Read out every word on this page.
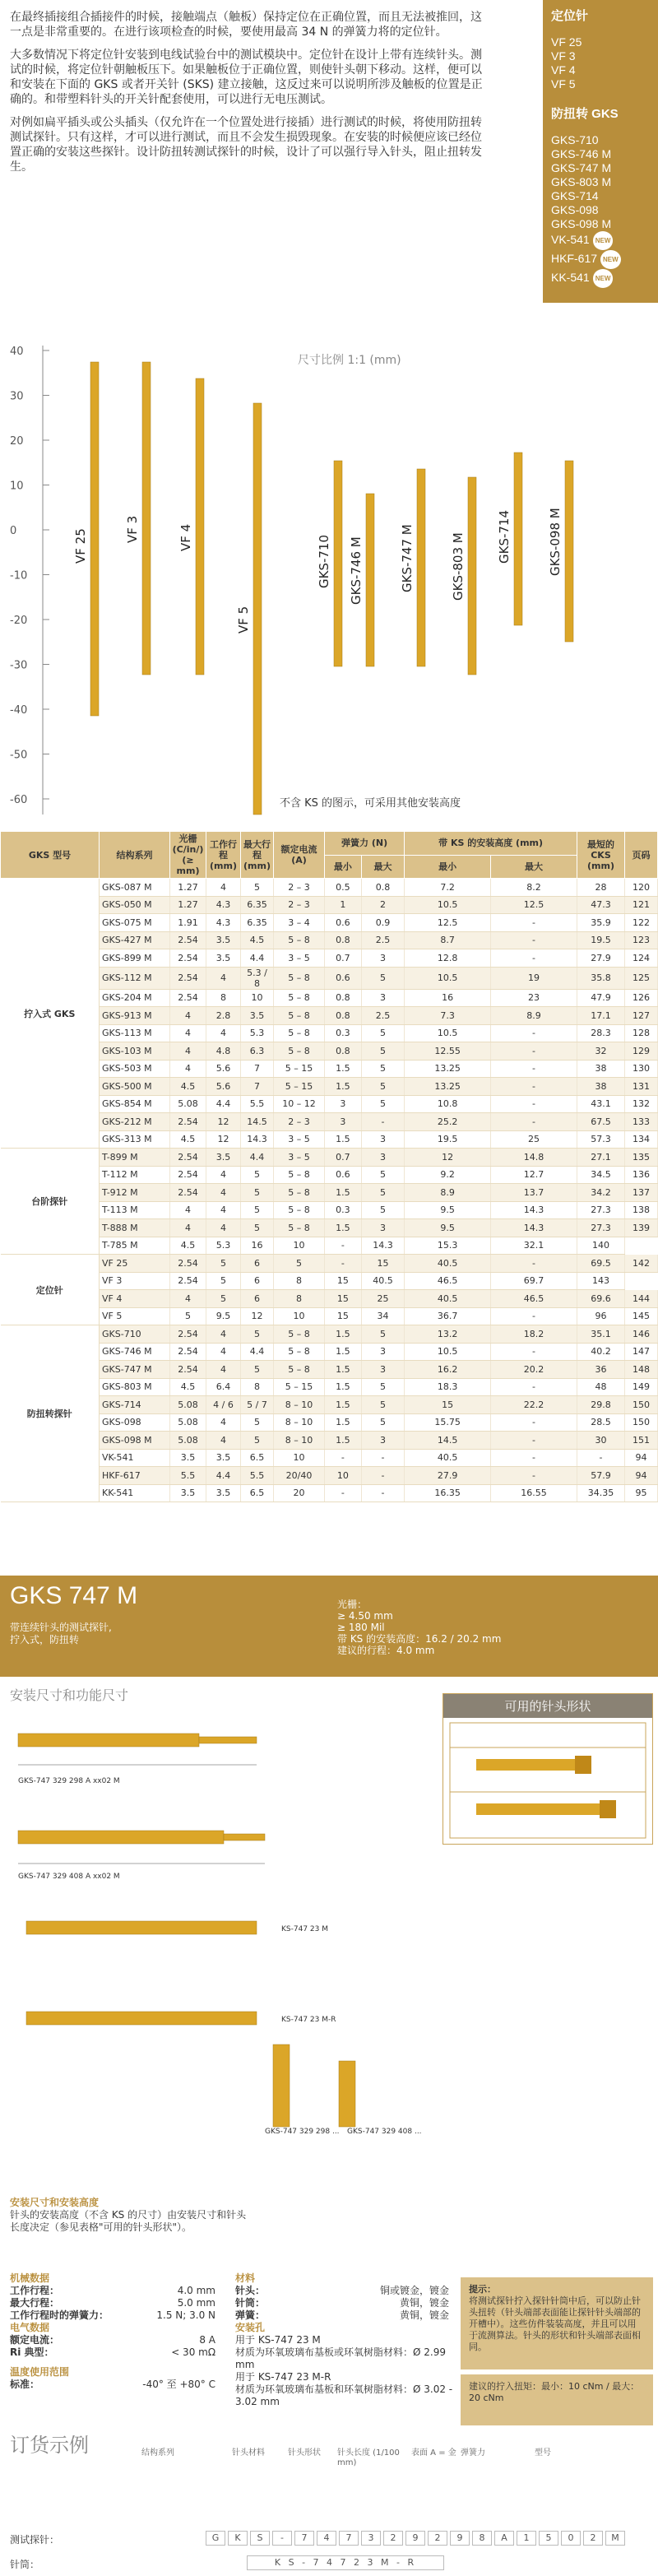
在最终插接组合插接件的时候，接触端点（触板）保持定位在正确位置，而且无法被推回，这一点是非常重要的。在进行该项检查的时候，要使用最高 34 N 的弹簧力将的定位针。

大多数情况下将定位针安装到电线试验台中的测试模块中。定位针在设计上带有连续针头。测试的时候，将定位针朝触板压下。如果触板位于正确位置，则使针头朝下移动。这样，便可以和安装在下面的 GKS 或者开关针 (SKS) 建立接触，这反过来可以说明所涉及触板的位置是正确的。和带塑料针头的开关针配套使用，可以进行无电压测试。

对例如扁平插头或公头插头（仅允许在一个位置处进行接插）进行测试的时候，将使用防扭转测试探针。只有这样，才可以进行测试，而且不会发生损毁现象。在安装的时候便应该已经位置正确的安装这些探针。设计防扭转测试探针的时候，设计了可以强行导入针头，阻止扭转发生。

定位针
VF 25
VF 3
VF 4
VF 5
防扭转 GKS
GKS-710
GKS-746 M
GKS-747 M
GKS-803 M
GKS-714
GKS-098
GKS-098 M
VK-541 NEW
HKF-617 NEW
KK-541 NEW
40
30
20
10
0
-10
-20
-30
-40
-50
-60
尺寸比例 1:1 (mm)
不含 KS 的图示，可采用其他安装高度
VF 25	VF 3	VF 4
VF 5
GKS-710 GKS-746 M	GKS-747 M	GKS-803 M	GKS-714	GKS-098 M
GKS 型号	结构系列	光栅 (C/in/) (≥ mm)	工作行程 (mm)	最大行程 (mm)	额定电流 (A)	弹簧力 (N)		带 KS 的安装高度 (mm)		最短的 CKS (mm)	页码
						最小	最大	最小	最大		
拧入式 GKS	GKS-087 M	1.27	4	5	2 – 3	0.5	0.8	7.2	8.2	28	120
	GKS-050 M	1.27	4.3	6.35	2 – 3	1	2	10.5	12.5	47.3	121
	GKS-075 M	1.91	4.3	6.35	3 – 4	0.6	0.9	12.5	-	35.9	122
	GKS-427 M	2.54	3.5	4.5	5 – 8	0.8	2.5	8.7	-	19.5	123
	GKS-899 M	2.54	3.5	4.4	3 – 5	0.7	3	12.8	-	27.9	124
	GKS-112 M	2.54	4	5.3 / 8	5 – 8	0.6	5	10.5	19	35.8	125
	GKS-204 M	2.54	8	10	5 – 8	0.8	3	16	23	47.9	126
	GKS-913 M	4	2.8	3.5	5 – 8	0.8	2.5	7.3	8.9	17.1	127
	GKS-113 M	4	4	5.3	5 – 8	0.3	5	10.5	-	28.3	128
	GKS-103 M	4	4.8	6.3	5 – 8	0.8	5	12.55	-	32	129
	GKS-503 M	4	5.6	7	5 – 15	1.5	5	13.25	-	38	130
	GKS-500 M	4.5	5.6	7	5 – 15	1.5	5	13.25	-	38	131
	GKS-854 M	5.08	4.4	5.5	10 – 12	3	5	10.8	-	43.1	132
	GKS-212 M	2.54	12	14.5	2 – 3	3	-	25.2	-	67.5	133
	GKS-313 M	4.5	12	14.3	3 – 5	1.5	3	19.5	25	57.3	134
台阶探针	T-899 M	2.54	3.5	4.4	3 – 5	0.7	3	12	14.8	27.1	135
	T-112 M	2.54	4	5	5 – 8	0.6	5	9.2	12.7	34.5	136
	T-912 M	2.54	4	5	5 – 8	1.5	5	8.9	13.7	34.2	137
	T-113 M	4	4	5	5 – 8	0.3	5	9.5	14.3	27.3	138
	T-888 M	4	4	5	5 – 8	1.5	3	9.5	14.3	27.3	139
	T-785 M	4.5	5.3	16	10	-	14.3	15.3	32.1	140	
定位针	VF 25	2.54	5	6	5	-	15	40.5	-	69.5	142
	VF 3	2.54	5	6	8	15	40.5	46.5	69.7	143	
	VF 4	4	5	6	8	15	25	40.5	46.5	69.6	144
	VF 5	5	9.5	12	10	15	34	36.7	-	96	145
防扭转探针	GKS-710	2.54	4	5	5 – 8	1.5	5	13.2	18.2	35.1	146
	GKS-746 M	2.54	4	4.4	5 – 8	1.5	3	10.5	-	40.2	147
	GKS-747 M	2.54	4	5	5 – 8	1.5	3	16.2	20.2	36	148
	GKS-803 M	4.5	6.4	8	5 – 15	1.5	5	18.3	-	48	149
	GKS-714	5.08	4 / 6	5 / 7	8 – 10	1.5	5	15	22.2	29.8	150
	GKS-098	5.08	4	5	8 – 10	1.5	5	15.75	-	28.5	150
	GKS-098 M	5.08	4	5	8 – 10	1.5	3	14.5	-	30	151
	VK-541	3.5	3.5	6.5	10	-	-	40.5	-	-	94
	HKF-617	5.5	4.4	5.5	20/40	10	-	27.9	-	57.9	94
	KK-541	3.5	3.5	6.5	20	-	-	16.35	16.55	34.35	95
GKS 747 M
带连续针头的测试探针,
拧入式，防扭转
光栅：
≥ 4.50 mm
≥ 180 Mil
带 KS 的安装高度：16.2 / 20.2 mm
建议的行程：4.0 mm
安装尺寸和功能尺寸
可用的针头形状
GKS-747 329 298 A xx02 M
GKS-747 329 408 A xx02 M
KS-747 23 M
KS-747 23 M-R
GKS-747 329 298 ... GKS-747 329 408 ...
安装尺寸和安装高度
针头的安装高度（不含 KS 的尺寸）由安装尺寸和针头长度决定（参见表格"可用的针头形状"）。
机械数据
工作行程：	4.0 mm
最大行程：	5.0 mm
工作行程时的弹簧力：	1.5 N; 3.0 N
材料
针头：	铜或镀金，镀金
针筒：	黄铜，镀金
弹簧：	黄铜，镀金
电气数据
额定电流：	8 A
Ri 典型：	< 30 mΩ
安装孔
用于 KS-747 23 M
材质为环氧玻璃布基板或环氧树脂材料：Ø 2.99 mm
用于 KS-747 23 M-R
材质为环氧玻璃布基板和环氧树脂材料：Ø 3.02 - 3.02 mm
温度使用范围
标准：	-40° 至 +80° C
提示：
将测试探针拧入探针针筒中后，可以防止针头扭转（针头端部表面能让探针针头端部的开槽中）。这些仿件装装高度，并且可以用于流测算法。针头的形状和针头端部表面相同。
建议的拧入扭矩：最小：10 cNm / 最大：20 cNm
订货示例	结构系列	针头材料	针头形状	针头长度 (1/100 mm)
表面 A = 金 弹簧力	型号
测试探针：	G	K	S	-	7	4	7	3	2	9	2	9	8	A	1	5	0	2	M
针筒：	K S - 7 4 7 2 3 M - R
